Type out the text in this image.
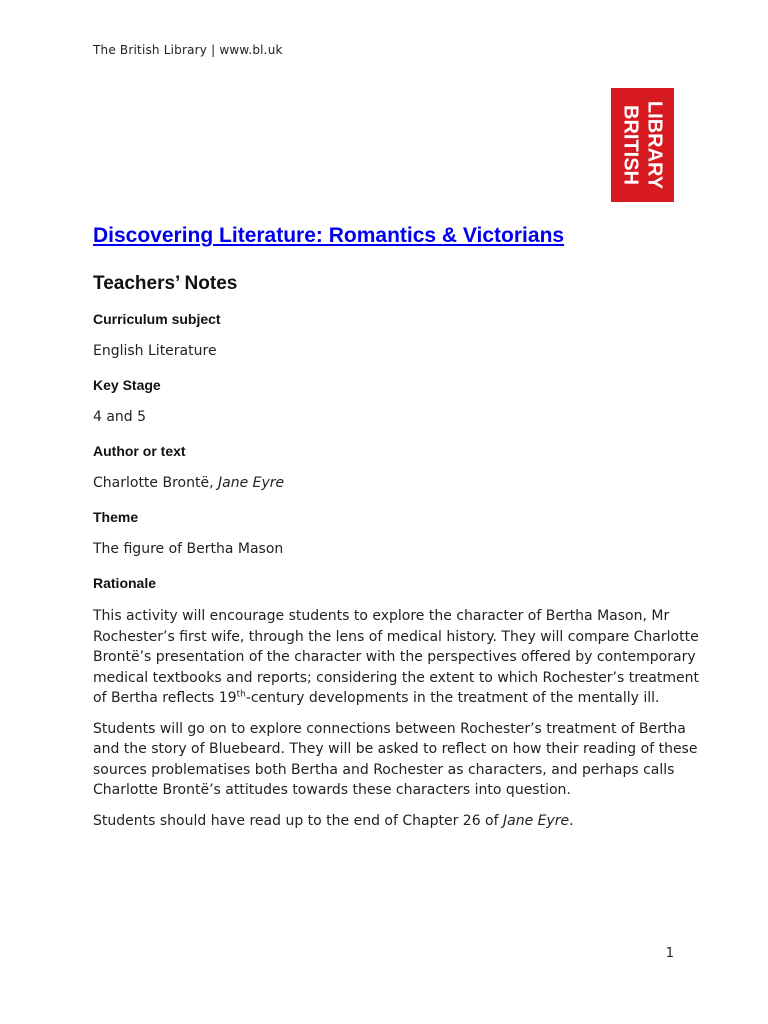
The British Library | www.bl.uk
LIBRARY
BRITISH
Discovering Literature: Romantics & Victorians
Teachers’ Notes
Curriculum subject
English Literature
Key Stage
4 and 5
Author or text
Charlotte Brontë, Jane Eyre
Theme
The figure of Bertha Mason
Rationale

This activity will encourage students to explore the character of Bertha Mason, Mr Rochester’s first wife, through the lens of medical history. They will compare Charlotte Brontë’s presentation of the character with the perspectives offered by contemporary medical textbooks and reports; considering the extent to which Rochester’s treatment of Bertha reflects 19th-century developments in the treatment of the mentally ill.

Students will go on to explore connections between Rochester’s treatment of Bertha and the story of Bluebeard. They will be asked to reflect on how their reading of these sources problematises both Bertha and Rochester as characters, and perhaps calls Charlotte Brontë’s attitudes towards these characters into question.

Students should have read up to the end of Chapter 26 of Jane Eyre.

1
